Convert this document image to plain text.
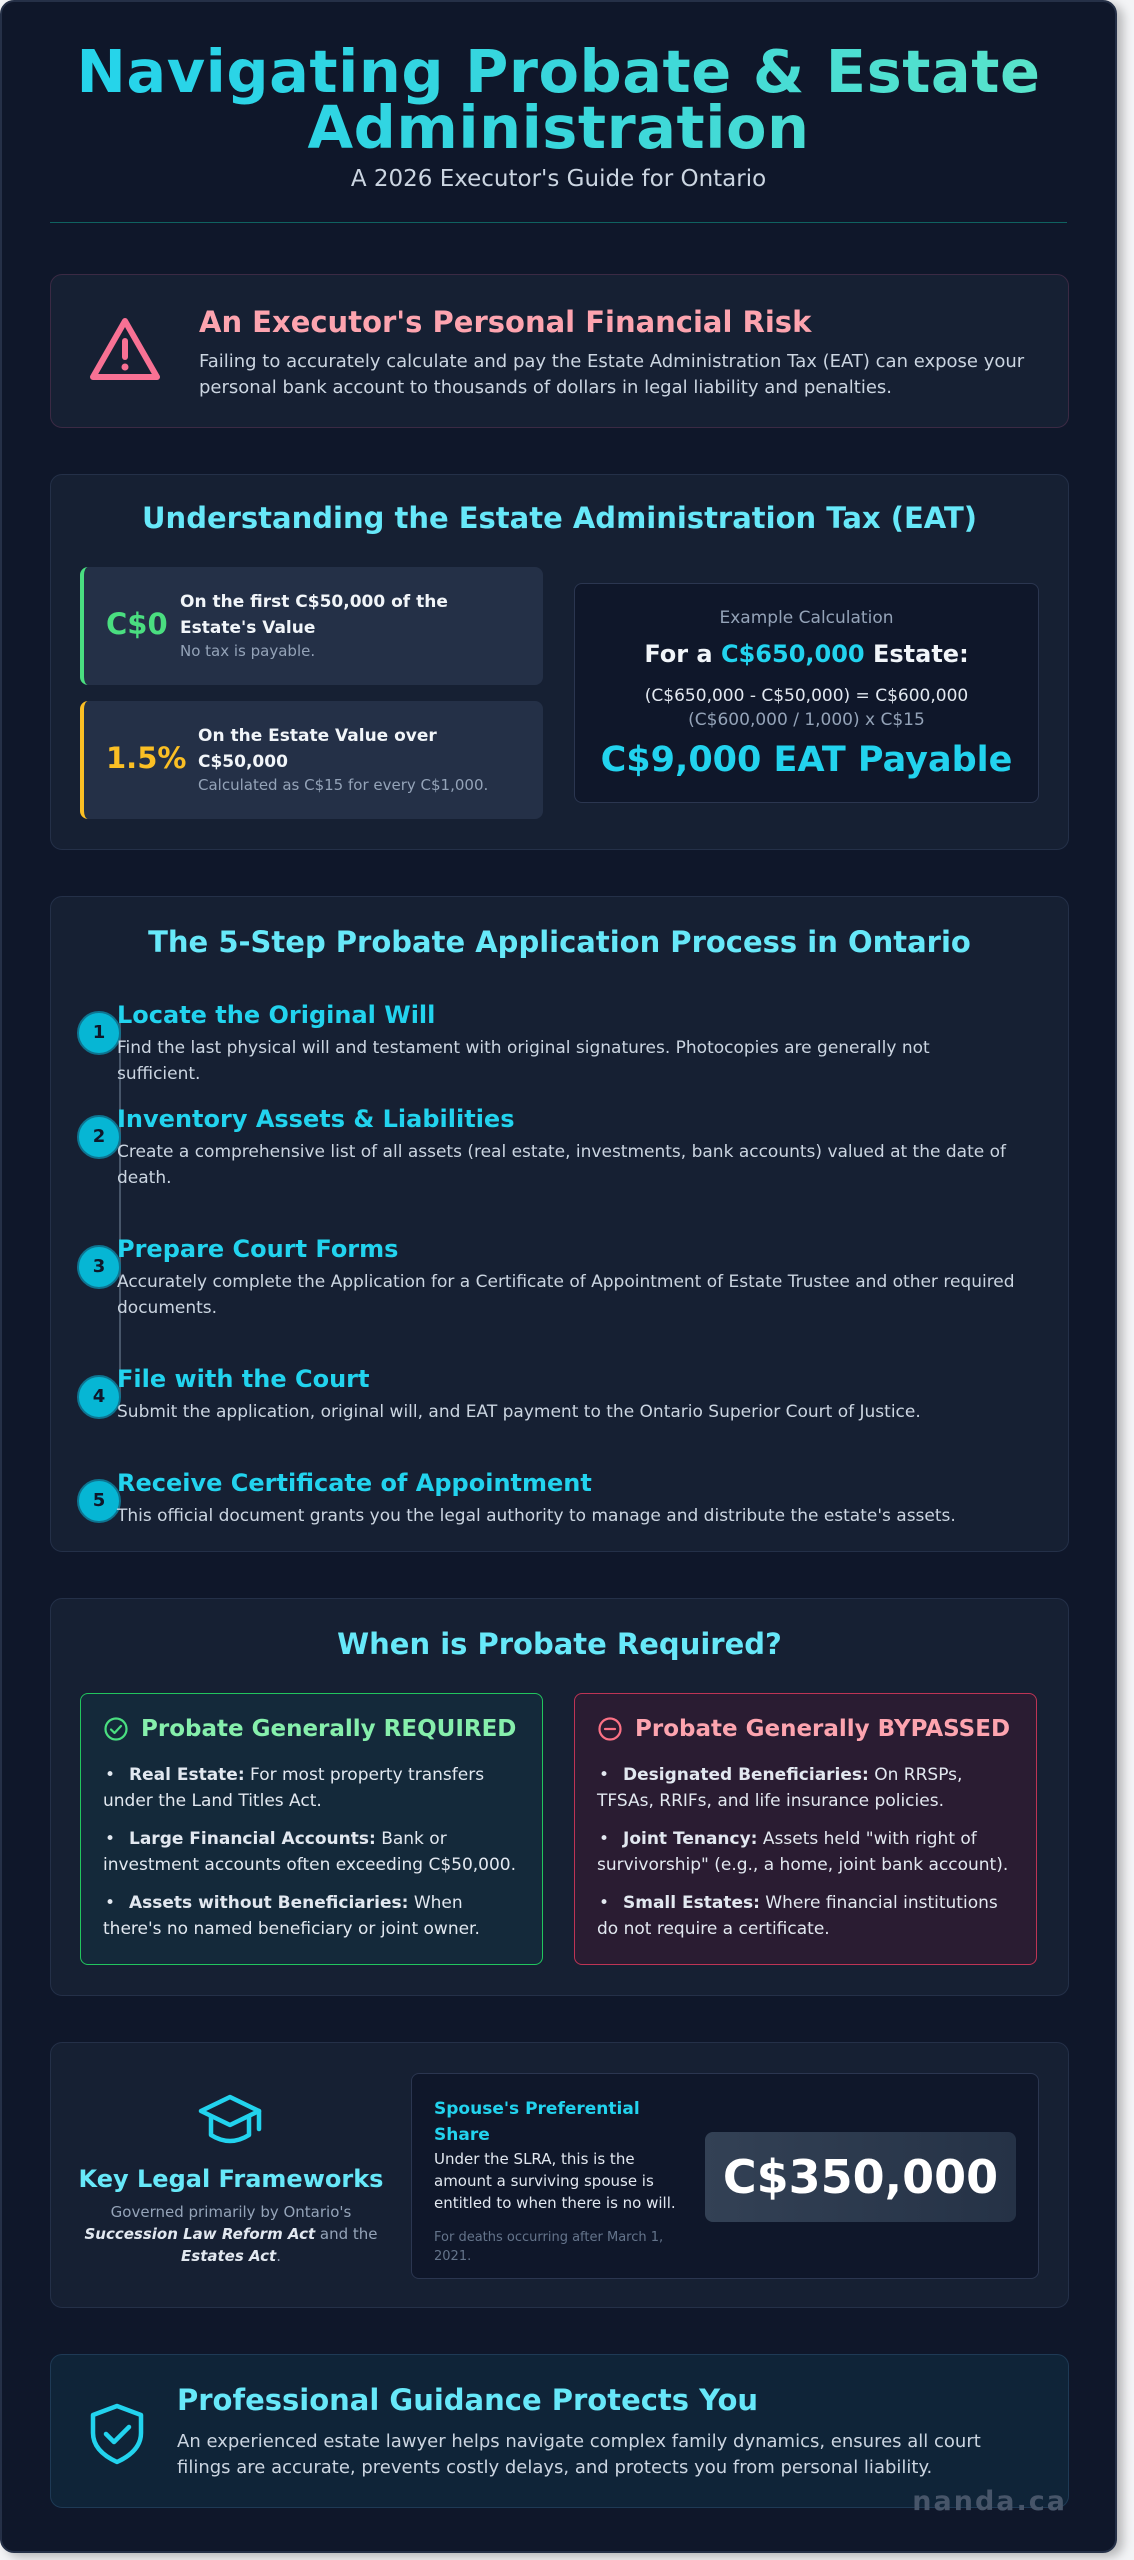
Navigating Probate & Estate
Administration
A 2026 Executor's Guide for Ontario
An Executor's Personal Financial Risk
Failing to accurately calculate and pay the Estate Administration Tax (EAT) can expose your personal bank account to thousands of dollars in legal liability and penalties.
Understanding the Estate Administration Tax (EAT)
C$0
On the first C$50,000 of the Estate's Value
No tax is payable.
1.5%
On the Estate Value over C$50,000
Calculated as C$15 for every C$1,000.
Example Calculation
For a C$650,000 Estate:
(C$650,000 - C$50,000) = C$600,000
(C$600,000 / 1,000) x C$15
C$9,000 EAT Payable
The 5-Step Probate Application Process in Ontario
1
Locate the Original Will
Find the last physical will and testament with original signatures. Photocopies are generally not sufficient.
2
Inventory Assets & Liabilities
Create a comprehensive list of all assets (real estate, investments, bank accounts) valued at the date of death.
3
Prepare Court Forms
Accurately complete the Application for a Certificate of Appointment of Estate Trustee and other required documents.
4
File with the Court
Submit the application, original will, and EAT payment to the Ontario Superior Court of Justice.
5
Receive Certificate of Appointment
This official document grants you the legal authority to manage and distribute the estate's assets.
When is Probate Required?
Probate Generally REQUIRED
• Real Estate: For most property transfers under the Land Titles Act.
• Large Financial Accounts: Bank or investment accounts often exceeding C$50,000.
• Assets without Beneficiaries: When there's no named beneficiary or joint owner.
Probate Generally BYPASSED
• Designated Beneficiaries: On RRSPs, TFSAs, RRIFs, and life insurance policies.
• Joint Tenancy: Assets held "with right of survivorship" (e.g., a home, joint bank account).
• Small Estates: Where financial institutions do not require a certificate.
Key Legal Frameworks
Governed primarily by Ontario's Succession Law Reform Act and the Estates Act.
Spouse's Preferential Share
Under the SLRA, this is the amount a surviving spouse is entitled to when there is no will.
For deaths occurring after March 1, 2021.
C$350,000
Professional Guidance Protects You
An experienced estate lawyer helps navigate complex family dynamics, ensures all court filings are accurate, prevents costly delays, and protects you from personal liability.
nanda.ca
